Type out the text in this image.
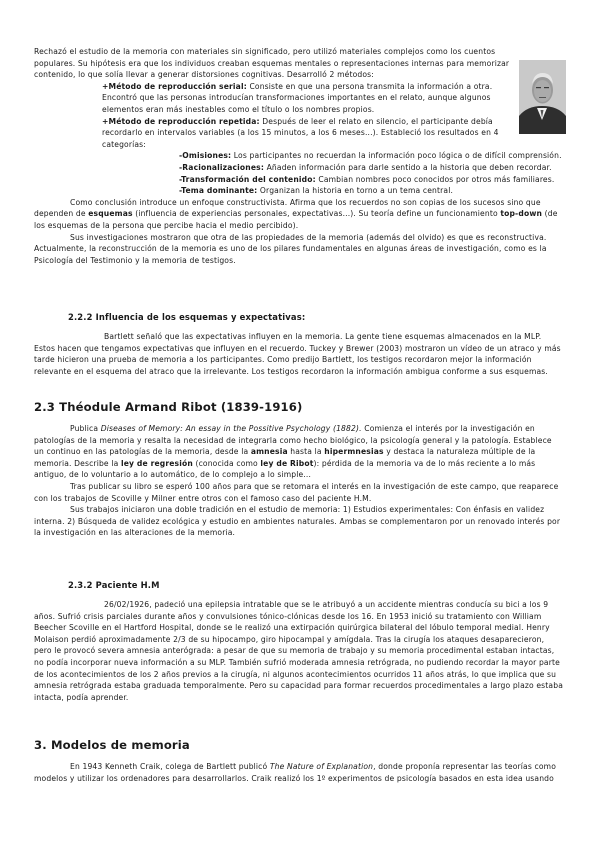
Rechazó el estudio de la memoria con materiales sin significado, pero utilizó materiales complejos como los cuentos populares. Su hipótesis era que los individuos creaban esquemas mentales o representaciones internas para memorizar contenido, lo que solía llevar a generar distorsiones cognitivas. Desarrolló 2 métodos:

+Método de reproducción serial: Consiste en que una persona transmita la información a otra. Encontró que las personas introducían transformaciones importantes en el relato, aunque algunos elementos eran más inestables como el título o los nombres propios.

+Método de reproducción repetida: Después de leer el relato en silencio, el participante debía recordarlo en intervalos variables (a los 15 minutos, a los 6 meses...). Estableció los resultados en 4 categorías:

-Omisiones: Los participantes no recuerdan la información poco lógica o de difícil comprensión.

-Racionalizaciones: Añaden información para darle sentido a la historia que deben recordar.

-Transformación del contenido: Cambian nombres poco conocidos por otros más familiares.

-Tema dominante: Organizan la historia en torno a un tema central.

Como conclusión introduce un enfoque constructivista. Afirma que los recuerdos no son copias de los sucesos sino que dependen de esquemas (influencia de experiencias personales, expectativas...). Su teoría define un funcionamiento top-down (de los esquemas de la persona que percibe hacia el medio percibido).

Sus investigaciones mostraron que otra de las propiedades de la memoria (además del olvido) es que es reconstructiva. Actualmente, la reconstrucción de la memoria es uno de los pilares fundamentales en algunas áreas de investigación, como es la Psicología del Testimonio y la memoria de testigos.

2.2.2 Influencia de los esquemas y expectativas:

Bartlett señaló que las expectativas influyen en la memoria. La gente tiene esquemas almacenados en la MLP. Estos hacen que tengamos expectativas que influyen en el recuerdo. Tuckey y Brewer (2003) mostraron un vídeo de un atraco y más tarde hicieron una prueba de memoria a los participantes. Como predijo Bartlett, los testigos recordaron mejor la información relevante en el esquema del atraco que la irrelevante. Los testigos recordaron la información ambigua conforme a sus esquemas.

2.3 Théodule Armand Ribot (1839-1916)

Publica Diseases of Memory: An essay in the Possitive Psychology (1882). Comienza el interés por la investigación en patologías de la memoria y resalta la necesidad de integrarla como hecho biológico, la psicología general y la patología. Establece un continuo en las patologías de la memoria, desde la amnesia hasta la hipermnesias y destaca la naturaleza múltiple de la memoria. Describe la ley de regresión (conocida como ley de Ribot): pérdida de la memoria va de lo más reciente a lo más antiguo, de lo voluntario a lo automático, de lo complejo a lo simple...

Tras publicar su libro se esperó 100 años para que se retomara el interés en la investigación de este campo, que reaparece con los trabajos de Scoville y Milner entre otros con el famoso caso del paciente H.M.

Sus trabajos iniciaron una doble tradición en el estudio de memoria: 1) Estudios experimentales: Con énfasis en validez interna. 2) Búsqueda de validez ecológica y estudio en ambientes naturales. Ambas se complementaron por un renovado interés por la investigación en las alteraciones de la memoria.

2.3.2 Paciente H.M

26/02/1926, padeció una epilepsia intratable que se le atribuyó a un accidente mientras conducía su bici a los 9 años. Sufrió crisis parciales durante años y convulsiones tónico-clónicas desde los 16. En 1953 inició su tratamiento con William Beecher Scoville en el Hartford Hospital, donde se le realizó una extirpación quirúrgica bilateral del lóbulo temporal medial. Henry Molaison perdió aproximadamente 2/3 de su hipocampo, giro hipocampal y amígdala. Tras la cirugía los ataques desaparecieron, pero le provocó severa amnesia anterógrada: a pesar de que su memoria de trabajo y su memoria procedimental estaban intactas, no podía incorporar nueva información a su MLP. También sufrió moderada amnesia retrógrada, no pudiendo recordar la mayor parte de los acontecimientos de los 2 años previos a la cirugía, ni algunos acontecimientos ocurridos 11 años atrás, lo que implica que su amnesia retrógrada estaba graduada temporalmente. Pero su capacidad para formar recuerdos procedimentales a largo plazo estaba intacta, podía aprender.

3. Modelos de memoria

En 1943 Kenneth Craik, colega de Bartlett publicó The Nature of Explanation, donde proponía representar las teorías como modelos y utilizar los ordenadores para desarrollarlos. Craik realizó los 1º experimentos de psicología basados en esta idea usando
